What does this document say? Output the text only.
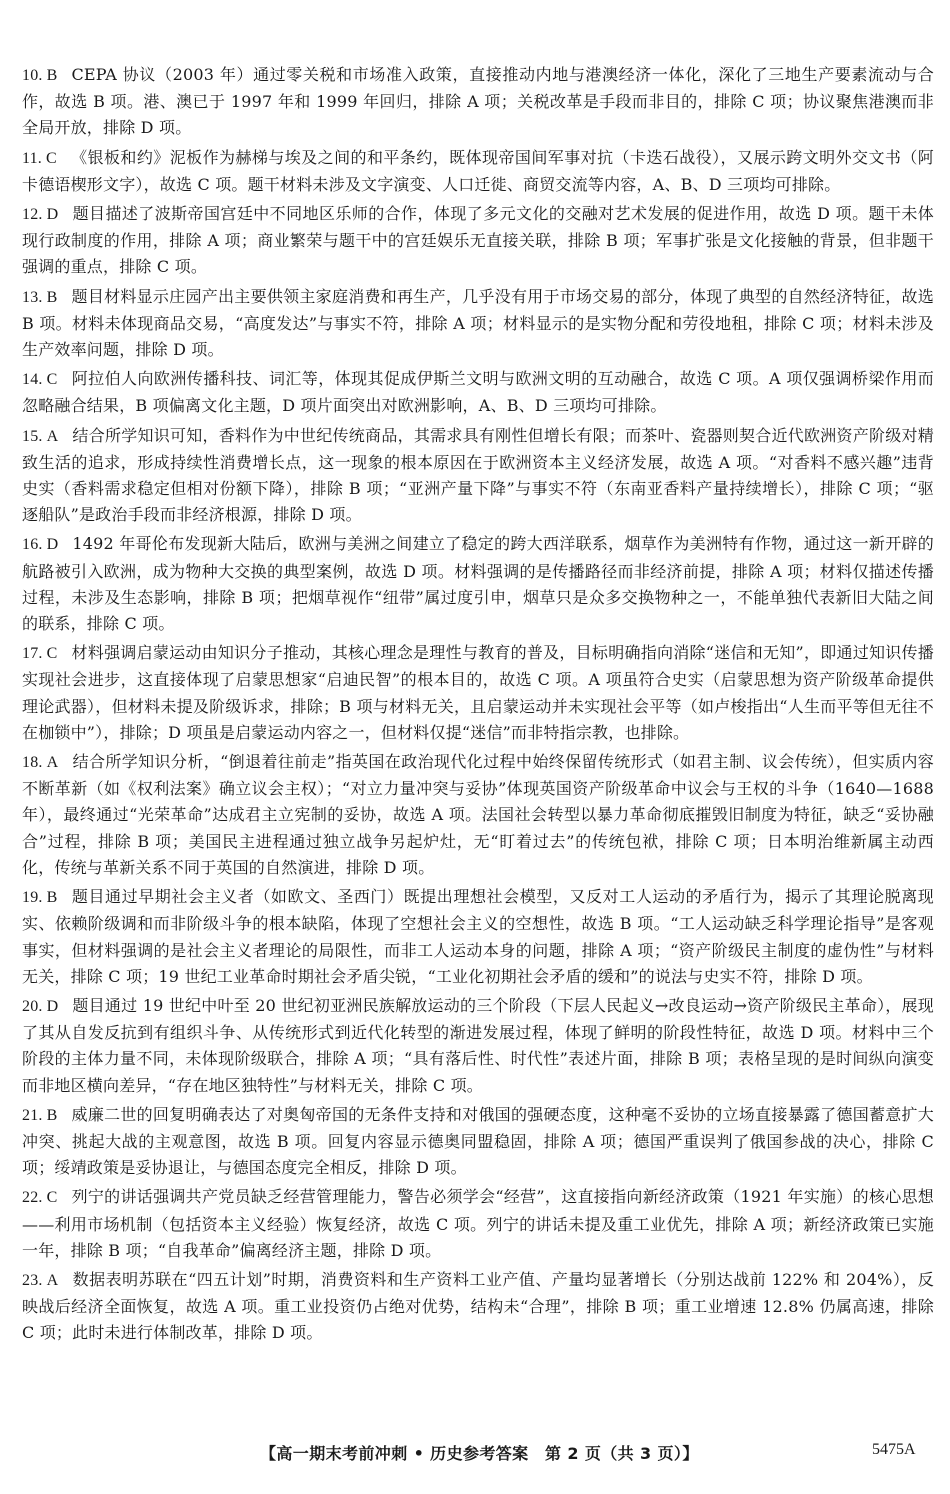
10. B CEPA 协议（2003 年）通过零关税和市场准入政策，直接推动内地与港澳经济一体化，深化了三地生产要素流动与合作，故选 B 项。港、澳已于 1997 年和 1999 年回归，排除 A 项；关税改革是手段而非目的，排除 C 项；协议聚焦港澳而非全局开放，排除 D 项。
11. C 《银板和约》泥板作为赫梯与埃及之间的和平条约，既体现帝国间军事对抗（卡迭石战役），又展示跨文明外交文书（阿卡德语楔形文字），故选 C 项。题干材料未涉及文字演变、人口迁徙、商贸交流等内容，A、B、D 三项均可排除。
12. D 题目描述了波斯帝国宫廷中不同地区乐师的合作，体现了多元文化的交融对艺术发展的促进作用，故选 D 项。题干未体现行政制度的作用，排除 A 项；商业繁荣与题干中的宫廷娱乐无直接关联，排除 B 项；军事扩张是文化接触的背景，但非题干强调的重点，排除 C 项。
13. B 题目材料显示庄园产出主要供领主家庭消费和再生产，几乎没有用于市场交易的部分，体现了典型的自然经济特征，故选 B 项。材料未体现商品交易，“高度发达”与事实不符，排除 A 项；材料显示的是实物分配和劳役地租，排除 C 项；材料未涉及生产效率问题，排除 D 项。
14. C 阿拉伯人向欧洲传播科技、词汇等，体现其促成伊斯兰文明与欧洲文明的互动融合，故选 C 项。A 项仅强调桥梁作用而忽略融合结果，B 项偏离文化主题，D 项片面突出对欧洲影响，A、B、D 三项均可排除。
15. A 结合所学知识可知，香料作为中世纪传统商品，其需求具有刚性但增长有限；而茶叶、瓷器则契合近代欧洲资产阶级对精致生活的追求，形成持续性消费增长点，这一现象的根本原因在于欧洲资本主义经济发展，故选 A 项。“对香料不感兴趣”违背史实（香料需求稳定但相对份额下降），排除 B 项；“亚洲产量下降”与事实不符（东南亚香料产量持续增长），排除 C 项；“驱逐船队”是政治手段而非经济根源，排除 D 项。
16. D 1492 年哥伦布发现新大陆后，欧洲与美洲之间建立了稳定的跨大西洋联系，烟草作为美洲特有作物，通过这一新开辟的航路被引入欧洲，成为物种大交换的典型案例，故选 D 项。材料强调的是传播路径而非经济前提，排除 A 项；材料仅描述传播过程，未涉及生态影响，排除 B 项；把烟草视作“纽带”属过度引申，烟草只是众多交换物种之一，不能单独代表新旧大陆之间的联系，排除 C 项。
17. C 材料强调启蒙运动由知识分子推动，其核心理念是理性与教育的普及，目标明确指向消除“迷信和无知”，即通过知识传播实现社会进步，这直接体现了启蒙思想家“启迪民智”的根本目的，故选 C 项。A 项虽符合史实（启蒙思想为资产阶级革命提供理论武器），但材料未提及阶级诉求，排除；B 项与材料无关，且启蒙运动并未实现社会平等（如卢梭指出“人生而平等但无往不在枷锁中”），排除；D 项虽是启蒙运动内容之一，但材料仅提“迷信”而非特指宗教，也排除。
18. A 结合所学知识分析，“倒退着往前走”指英国在政治现代化过程中始终保留传统形式（如君主制、议会传统），但实质内容不断革新（如《权利法案》确立议会主权）；“对立力量冲突与妥协”体现英国资产阶级革命中议会与王权的斗争（1640—1688 年），最终通过“光荣革命”达成君主立宪制的妥协，故选 A 项。法国社会转型以暴力革命彻底摧毁旧制度为特征，缺乏“妥协融合”过程，排除 B 项；美国民主进程通过独立战争另起炉灶，无“盯着过去”的传统包袱，排除 C 项；日本明治维新属主动西化，传统与革新关系不同于英国的自然演进，排除 D 项。
19. B 题目通过早期社会主义者（如欧文、圣西门）既提出理想社会模型，又反对工人运动的矛盾行为，揭示了其理论脱离现实、依赖阶级调和而非阶级斗争的根本缺陷，体现了空想社会主义的空想性，故选 B 项。“工人运动缺乏科学理论指导”是客观事实，但材料强调的是社会主义者理论的局限性，而非工人运动本身的问题，排除 A 项；“资产阶级民主制度的虚伪性”与材料无关，排除 C 项；19 世纪工业革命时期社会矛盾尖锐，“工业化初期社会矛盾的缓和”的说法与史实不符，排除 D 项。
20. D 题目通过 19 世纪中叶至 20 世纪初亚洲民族解放运动的三个阶段（下层人民起义→改良运动→资产阶级民主革命），展现了其从自发反抗到有组织斗争、从传统形式到近代化转型的渐进发展过程，体现了鲜明的阶段性特征，故选 D 项。材料中三个阶段的主体力量不同，未体现阶级联合，排除 A 项；“具有落后性、时代性”表述片面，排除 B 项；表格呈现的是时间纵向演变而非地区横向差异，“存在地区独特性”与材料无关，排除 C 项。
21. B 威廉二世的回复明确表达了对奥匈帝国的无条件支持和对俄国的强硬态度，这种毫不妥协的立场直接暴露了德国蓄意扩大冲突、挑起大战的主观意图，故选 B 项。回复内容显示德奥同盟稳固，排除 A 项；德国严重误判了俄国参战的决心，排除 C 项；绥靖政策是妥协退让，与德国态度完全相反，排除 D 项。
22. C 列宁的讲话强调共产党员缺乏经营管理能力，警告必须学会“经营”，这直接指向新经济政策（1921 年实施）的核心思想——利用市场机制（包括资本主义经验）恢复经济，故选 C 项。列宁的讲话未提及重工业优先，排除 A 项；新经济政策已实施一年，排除 B 项；“自我革命”偏离经济主题，排除 D 项。
23. A 数据表明苏联在“四五计划”时期，消费资料和生产资料工业产值、产量均显著增长（分别达战前 122% 和 204%），反映战后经济全面恢复，故选 A 项。重工业投资仍占绝对优势，结构未“合理”，排除 B 项；重工业增速 12.8% 仍属高速，排除 C 项；此时未进行体制改革，排除 D 项。
【高一期末考前冲刺 • 历史参考答案　第 2 页（共 3 页）】	5475A
